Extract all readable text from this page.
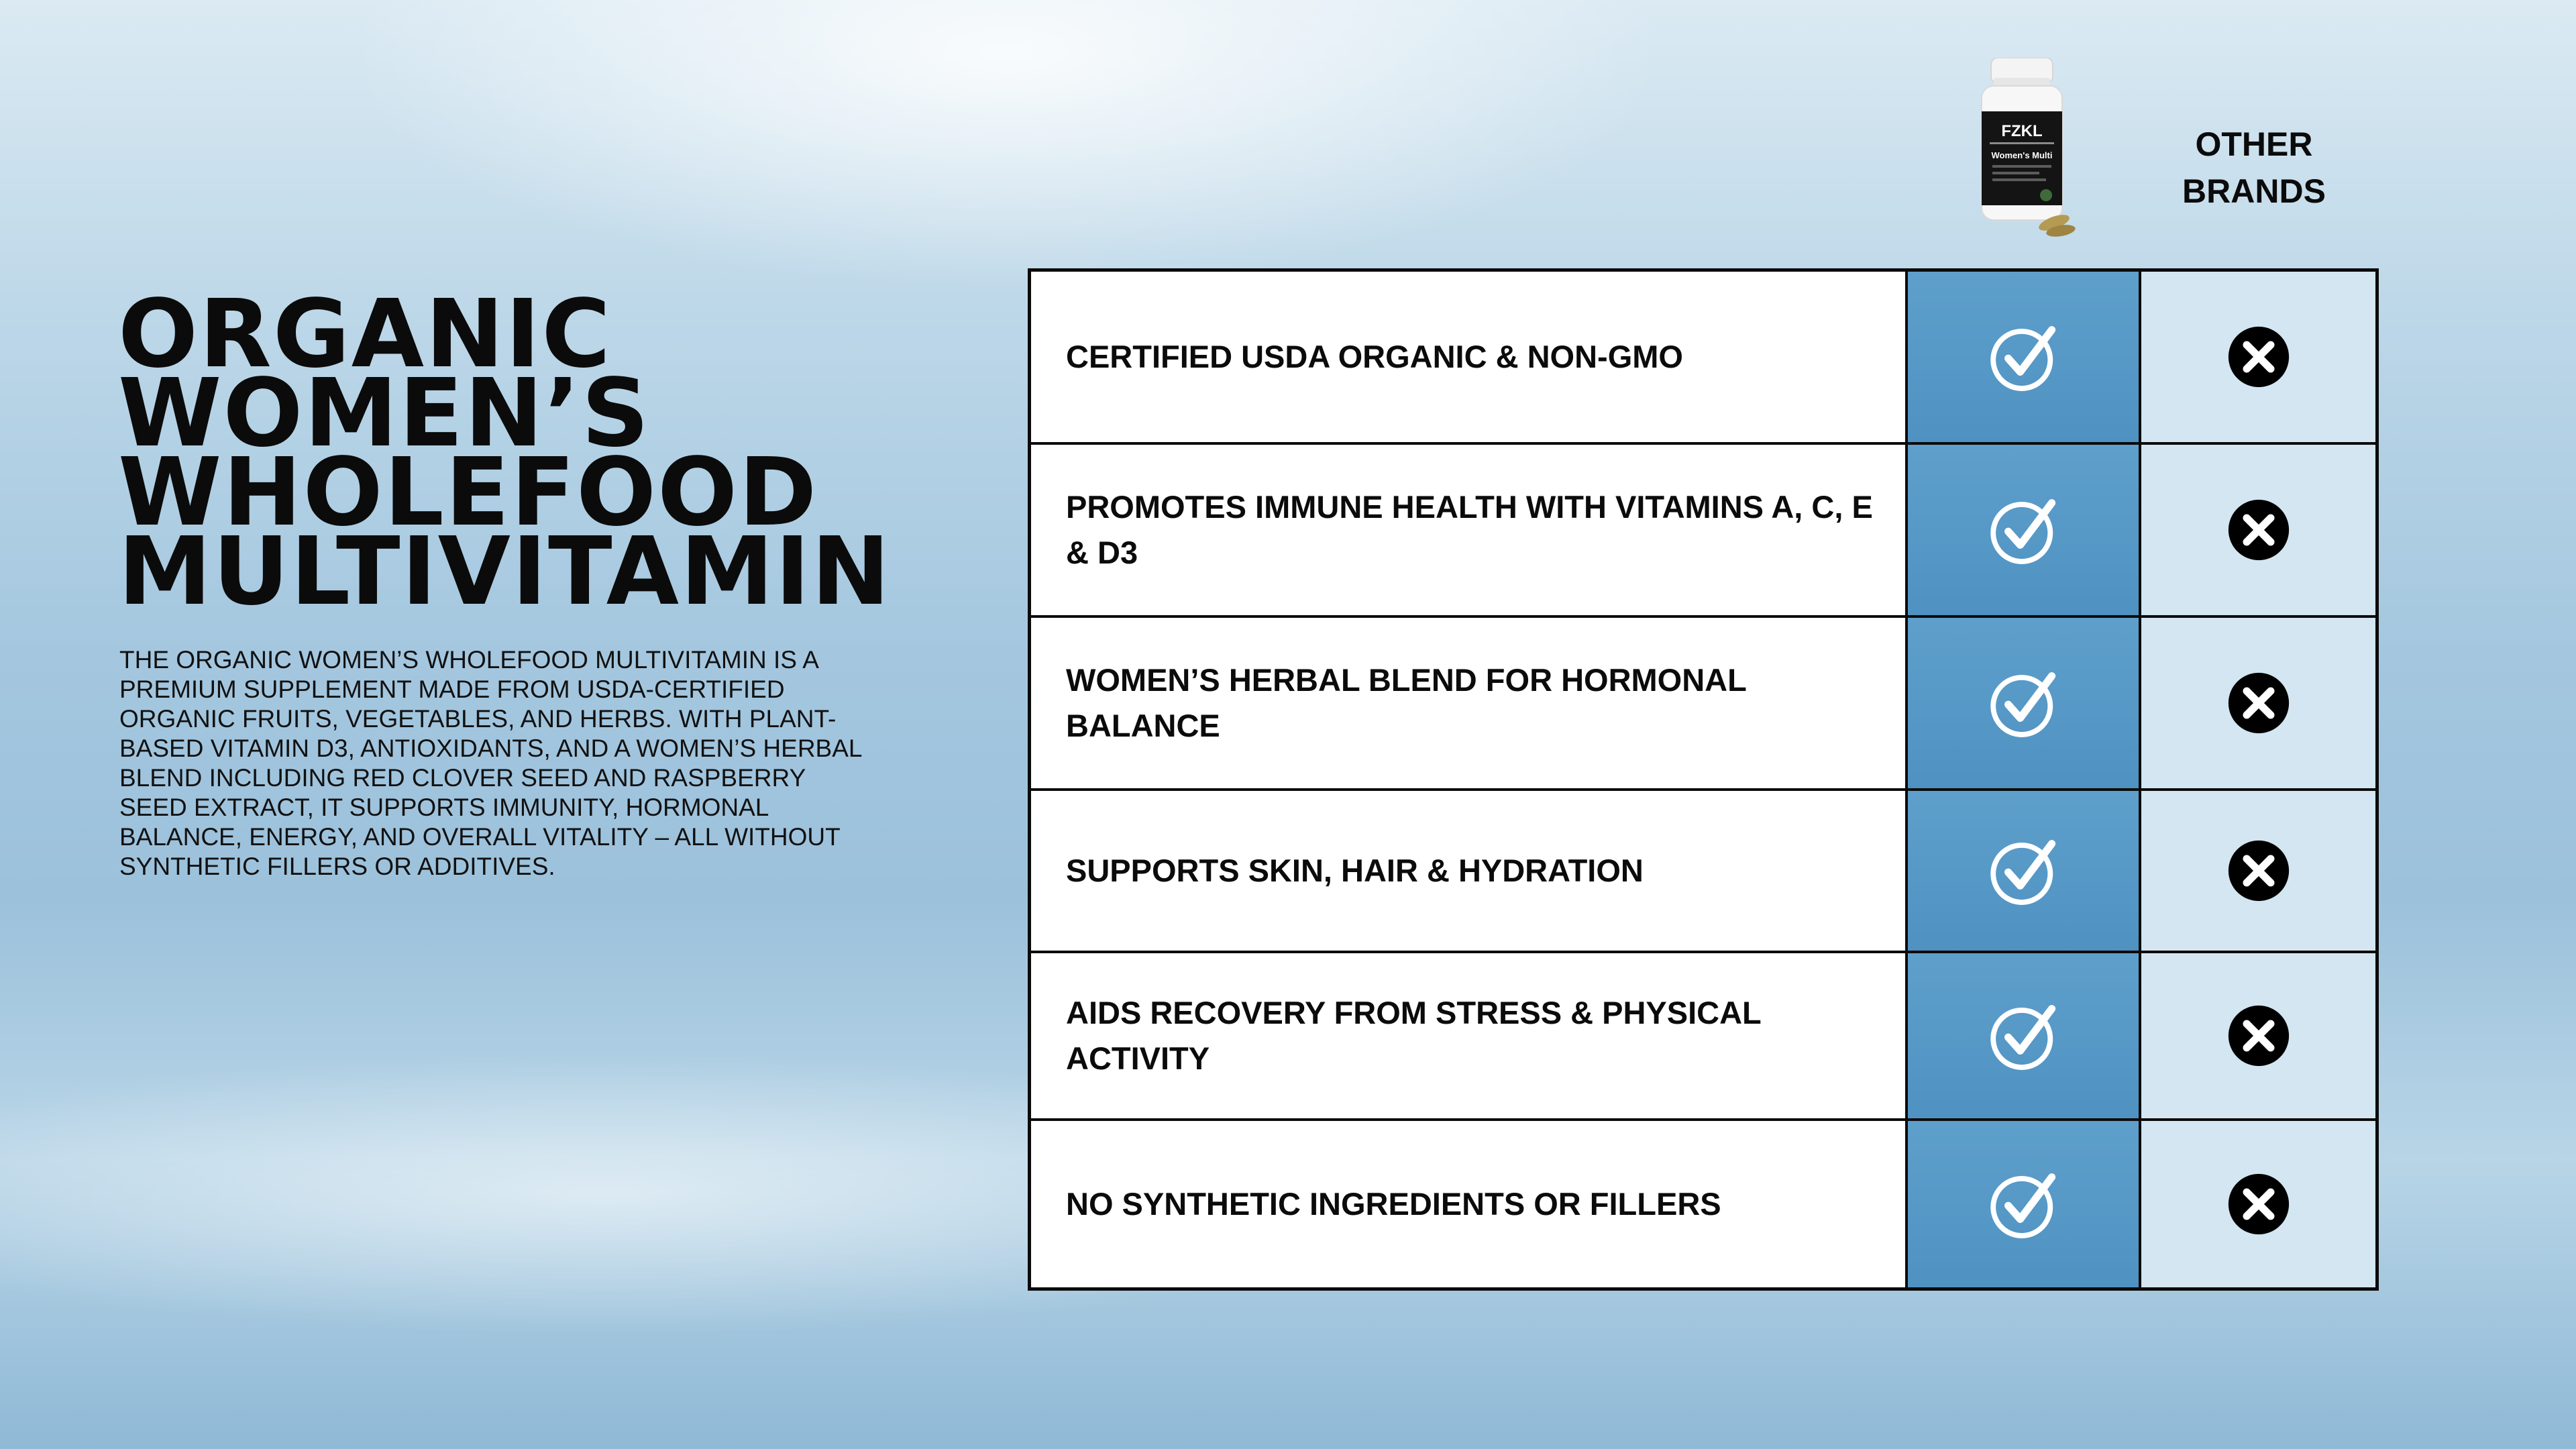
ORGANIC
WOMEN’S
WHOLEFOOD
MULTIVITAMIN

THE ORGANIC WOMEN’S WHOLEFOOD MULTIVITAMIN IS A PREMIUM SUPPLEMENT MADE FROM USDA-CERTIFIED ORGANIC FRUITS, VEGETABLES, AND HERBS. WITH PLANT-BASED VITAMIN D3, ANTIOXIDANTS, AND A WOMEN’S HERBAL BLEND INCLUDING RED CLOVER SEED AND RASPBERRY SEED EXTRACT, IT SUPPORTS IMMUNITY, HORMONAL BALANCE, ENERGY, AND OVERALL VITALITY – ALL WITHOUT SYNTHETIC FILLERS OR ADDITIVES.

FZKL
Women's Multi	OTHER
BRANDS
CERTIFIED USDA ORGANIC & NON-GMO
PROMOTES IMMUNE HEALTH WITH VITAMINS A, C, E & D3
WOMEN’S HERBAL BLEND FOR HORMONAL BALANCE
SUPPORTS SKIN, HAIR & HYDRATION
AIDS RECOVERY FROM STRESS & PHYSICAL ACTIVITY
NO SYNTHETIC INGREDIENTS OR FILLERS
